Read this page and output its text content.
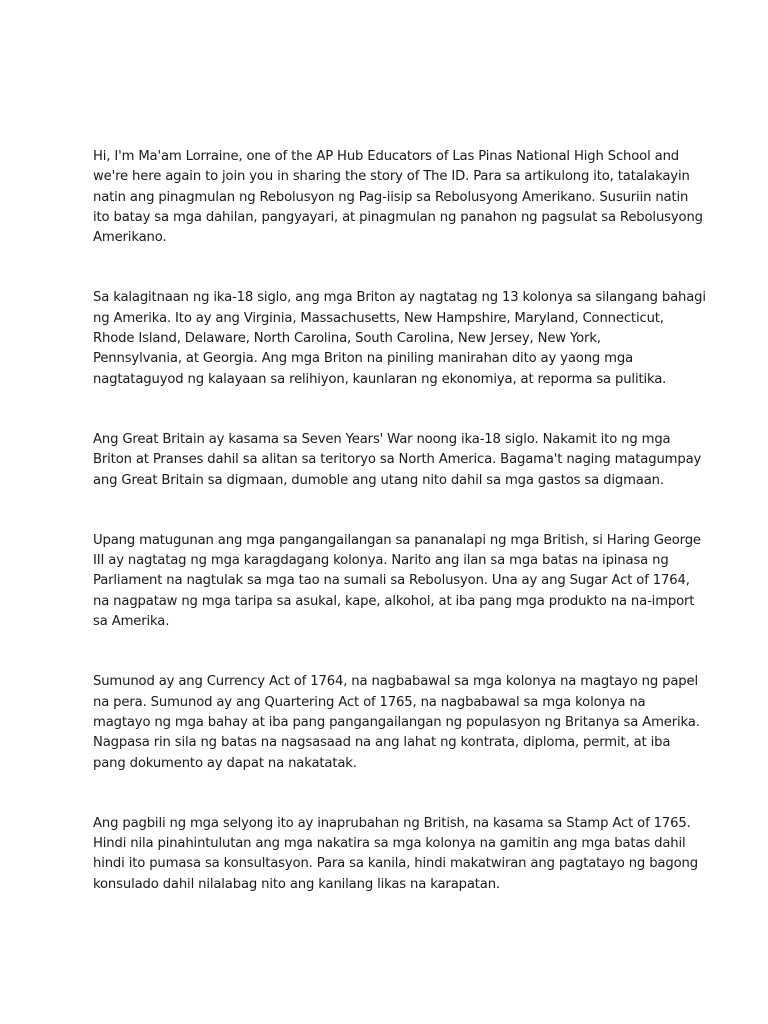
Hi, I'm Ma'am Lorraine, one of the AP Hub Educators of Las Pinas National High School and
we're here again to join you in sharing the story of The ID. Para sa artikulong ito, tatalakayin
natin ang pinagmulan ng Rebolusyon ng Pag-iisip sa Rebolusyong Amerikano. Susuriin natin
ito batay sa mga dahilan, pangyayari, at pinagmulan ng panahon ng pagsulat sa Rebolusyong
Amerikano.

Sa kalagitnaan ng ika-18 siglo, ang mga Briton ay nagtatag ng 13 kolonya sa silangang bahagi
ng Amerika. Ito ay ang Virginia, Massachusetts, New Hampshire, Maryland, Connecticut,
Rhode Island, Delaware, North Carolina, South Carolina, New Jersey, New York,
Pennsylvania, at Georgia. Ang mga Briton na piniling manirahan dito ay yaong mga
nagtataguyod ng kalayaan sa relihiyon, kaunlaran ng ekonomiya, at reporma sa pulitika.

Ang Great Britain ay kasama sa Seven Years' War noong ika-18 siglo. Nakamit ito ng mga
Briton at Pranses dahil sa alitan sa teritoryo sa North America. Bagama't naging matagumpay
ang Great Britain sa digmaan, dumoble ang utang nito dahil sa mga gastos sa digmaan.

Upang matugunan ang mga pangangailangan sa pananalapi ng mga British, si Haring George
III ay nagtatag ng mga karagdagang kolonya. Narito ang ilan sa mga batas na ipinasa ng
Parliament na nagtulak sa mga tao na sumali sa Rebolusyon. Una ay ang Sugar Act of 1764,
na nagpataw ng mga taripa sa asukal, kape, alkohol, at iba pang mga produkto na na-import
sa Amerika.

Sumunod ay ang Currency Act of 1764, na nagbabawal sa mga kolonya na magtayo ng papel
na pera. Sumunod ay ang Quartering Act of 1765, na nagbabawal sa mga kolonya na
magtayo ng mga bahay at iba pang pangangailangan ng populasyon ng Britanya sa Amerika.
Nagpasa rin sila ng batas na nagsasaad na ang lahat ng kontrata, diploma, permit, at iba
pang dokumento ay dapat na nakatatak.

Ang pagbili ng mga selyong ito ay inaprubahan ng British, na kasama sa Stamp Act of 1765.
Hindi nila pinahintulutan ang mga nakatira sa mga kolonya na gamitin ang mga batas dahil
hindi ito pumasa sa konsultasyon. Para sa kanila, hindi makatwiran ang pagtatayo ng bagong
konsulado dahil nilalabag nito ang kanilang likas na karapatan.
